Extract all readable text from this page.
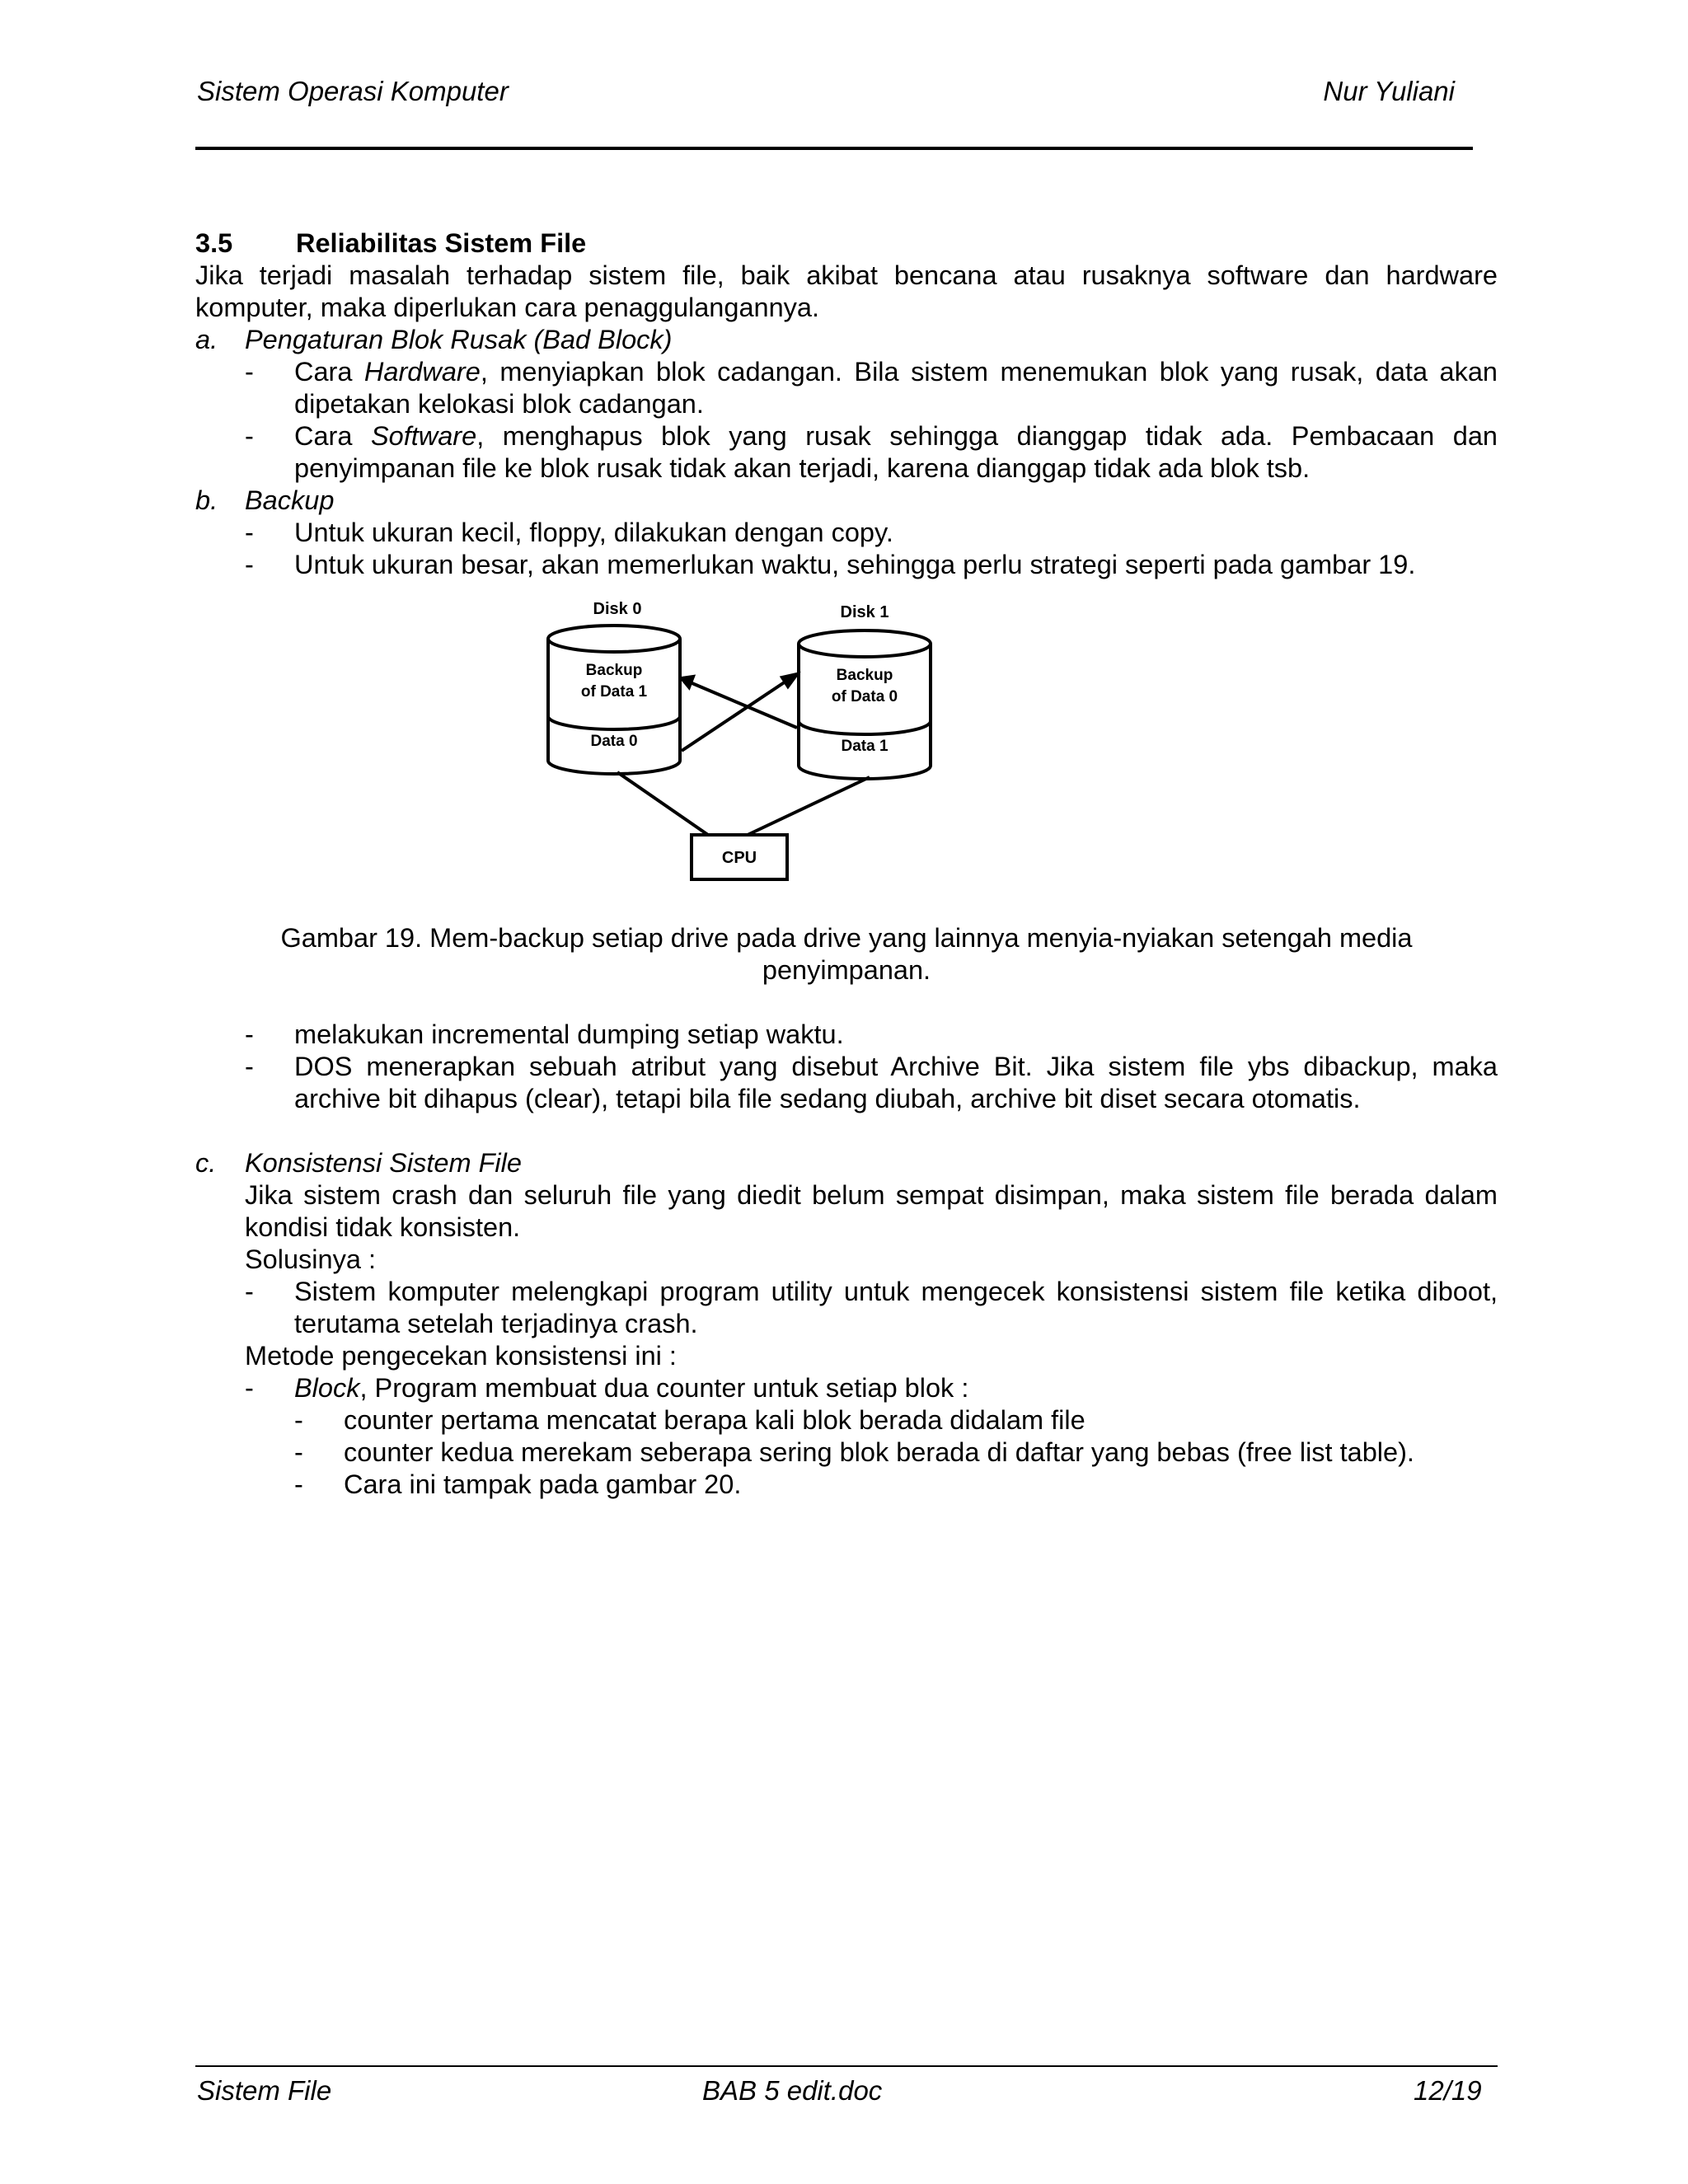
Sistem Operasi Komputer	Nur Yuliani
3.5 Reliabilitas Sistem File
Jika terjadi masalah terhadap sistem file, baik akibat bencana atau rusaknya software dan hardware komputer, maka diperlukan cara penaggulangannya.
a. Pengaturan Blok Rusak (Bad Block)
- Cara Hardware, menyiapkan blok cadangan. Bila sistem menemukan blok yang rusak, data akan dipetakan kelokasi blok cadangan.
- Cara Software, menghapus blok yang rusak sehingga dianggap tidak ada. Pembacaan dan penyimpanan file ke blok rusak tidak akan terjadi, karena dianggap tidak ada blok tsb.
b. Backup
- Untuk ukuran kecil, floppy, dilakukan dengan copy.
- Untuk ukuran besar, akan memerlukan waktu, sehingga perlu strategi seperti pada gambar 19.
Disk 0	Disk 1
Backup
of Data 1
Data 0
Backup
of Data 0
Data 1
CPU
Gambar 19. Mem-backup setiap drive pada drive yang lainnya menyia-nyiakan setengah media penyimpanan.
- melakukan incremental dumping setiap waktu.
- DOS menerapkan sebuah atribut yang disebut Archive Bit. Jika sistem file ybs dibackup, maka archive bit dihapus (clear), tetapi bila file sedang diubah, archive bit diset secara otomatis.
c. Konsistensi Sistem File
Jika sistem crash dan seluruh file yang diedit belum sempat disimpan, maka sistem file berada dalam kondisi tidak konsisten.
Solusinya :
- Sistem komputer melengkapi program utility untuk mengecek konsistensi sistem file ketika diboot, terutama setelah terjadinya crash.
Metode pengecekan konsistensi ini :
- Block, Program membuat dua counter untuk setiap blok :
- counter pertama mencatat berapa kali blok berada didalam file
- counter kedua merekam seberapa sering blok berada di daftar yang bebas (free list table).
- Cara ini tampak pada gambar 20.
Sistem File	BAB 5 edit.doc	12/19
